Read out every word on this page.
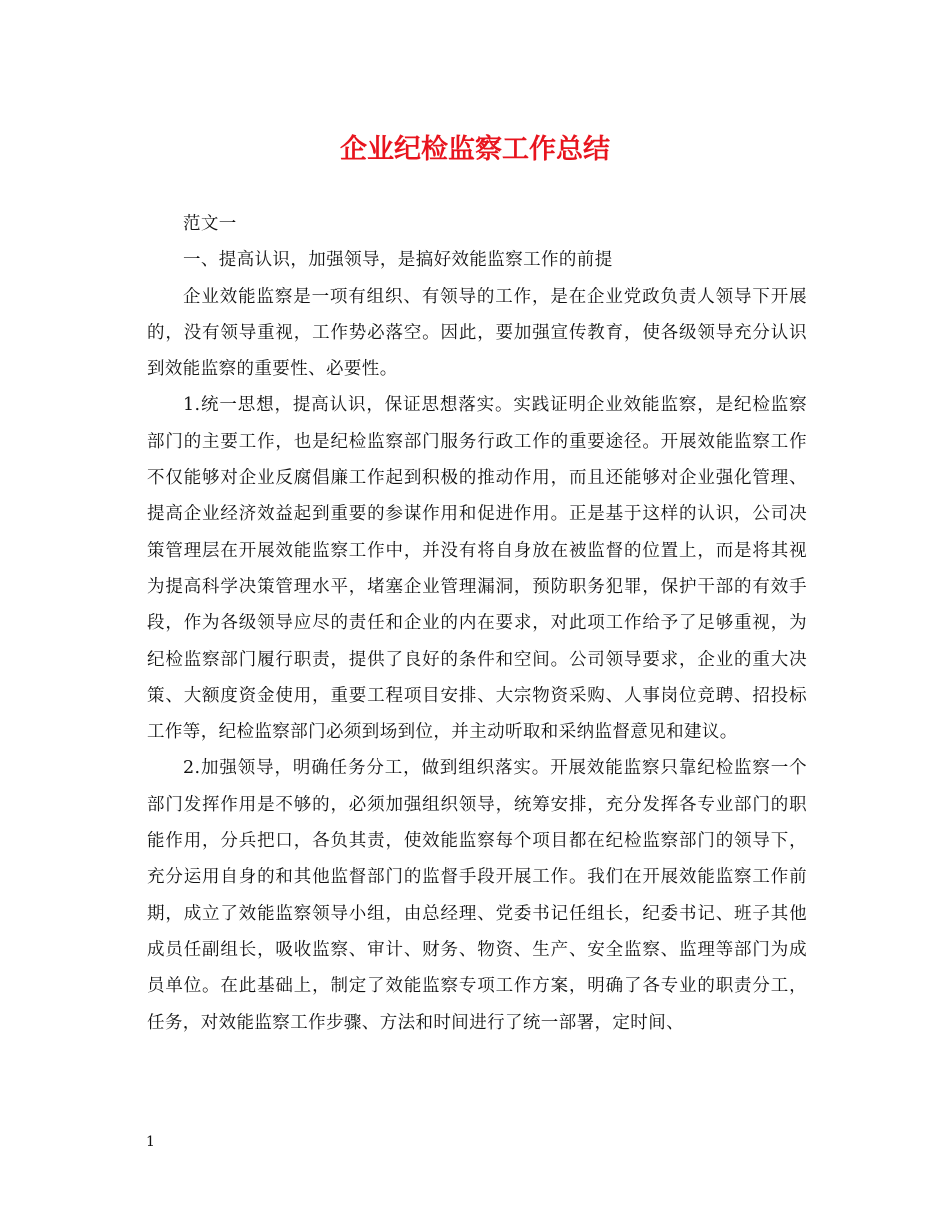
企业纪检监察工作总结

范文一

一、提高认识，加强领导，是搞好效能监察工作的前提

企业效能监察是一项有组织、有领导的工作，是在企业党政负责人领导下开展的，没有领导重视，工作势必落空。因此，要加强宣传教育，使各级领导充分认识到效能监察的重要性、必要性。

1.统一思想，提高认识，保证思想落实。实践证明企业效能监察，是纪检监察部门的主要工作，也是纪检监察部门服务行政工作的重要途径。开展效能监察工作不仅能够对企业反腐倡廉工作起到积极的推动作用，而且还能够对企业强化管理、提高企业经济效益起到重要的参谋作用和促进作用。正是基于这样的认识，公司决策管理层在开展效能监察工作中，并没有将自身放在被监督的位置上，而是将其视为提高科学决策管理水平，堵塞企业管理漏洞，预防职务犯罪，保护干部的有效手段，作为各级领导应尽的责任和企业的内在要求，对此项工作给予了足够重视，为纪检监察部门履行职责，提供了良好的条件和空间。公司领导要求，企业的重大决策、大额度资金使用，重要工程项目安排、大宗物资采购、人事岗位竞聘、招投标工作等，纪检监察部门必须到场到位，并主动听取和采纳监督意见和建议。

2.加强领导，明确任务分工，做到组织落实。开展效能监察只靠纪检监察一个部门发挥作用是不够的，必须加强组织领导，统筹安排，充分发挥各专业部门的职能作用，分兵把口，各负其责，使效能监察每个项目都在纪检监察部门的领导下，充分运用自身的和其他监督部门的监督手段开展工作。我们在开展效能监察工作前期，成立了效能监察领导小组，由总经理、党委书记任组长，纪委书记、班子其他成员任副组长，吸收监察、审计、财务、物资、生产、安全监察、监理等部门为成员单位。在此基础上，制定了效能监察专项工作方案，明确了各专业的职责分工，任务，对效能监察工作步骤、方法和时间进行了统一部署，定时间、

1
